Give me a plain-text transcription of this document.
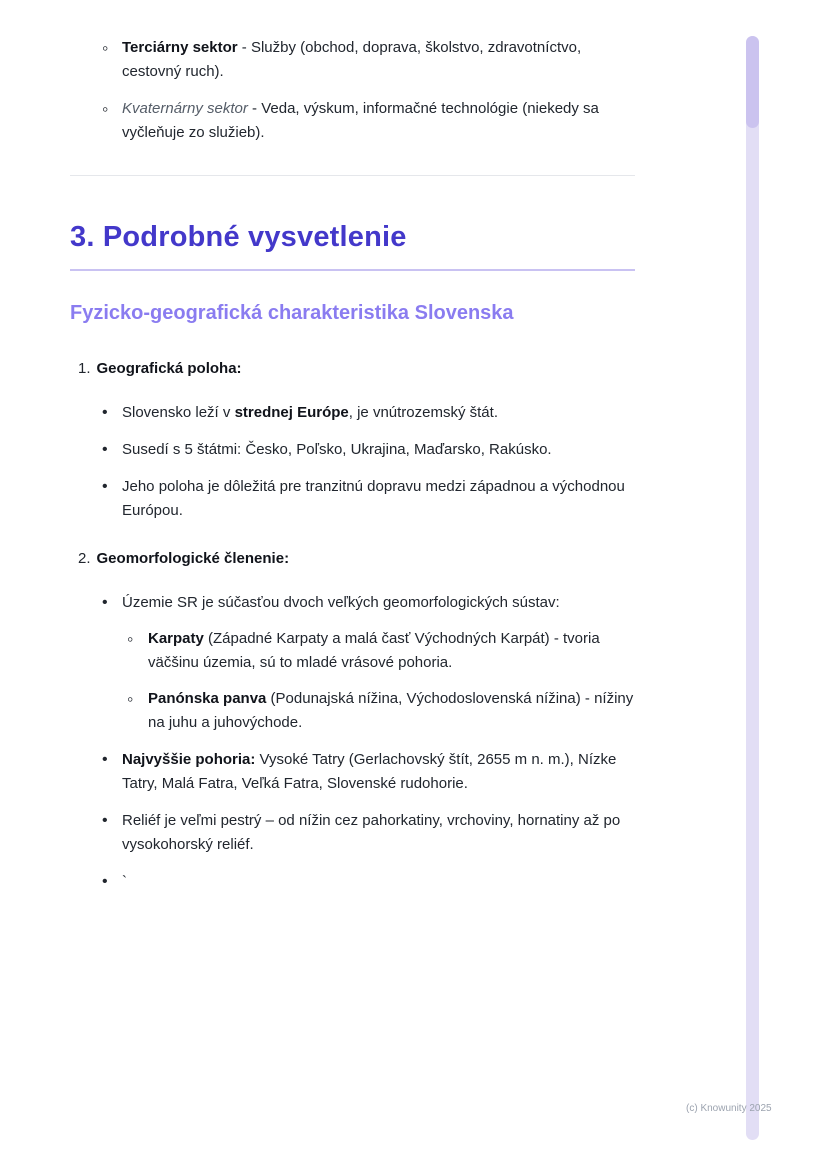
◦ Terciárny sektor - Služby (obchod, doprava, školstvo, zdravotníctvo, cestovný ruch).
◦ Kvaternárny sektor - Veda, výskum, informačné technológie (niekedy sa vyčleňuje zo služieb).
3. Podrobné vysvetlenie
Fyzicko-geografická charakteristika Slovenska
1. Geografická poloha:
• Slovensko leží v strednej Európe, je vnútrozemský štát.
• Susedí s 5 štátmi: Česko, Poľsko, Ukrajina, Maďarsko, Rakúsko.
• Jeho poloha je dôležitá pre tranzitnú dopravu medzi západnou a východnou Európou.
2. Geomorfologické členenie:
• Územie SR je súčasťou dvoch veľkých geomorfologických sústav:
◦ Karpaty (Západné Karpaty a malá časť Východných Karpát) - tvoria väčšinu územia, sú to mladé vrásové pohoria.
◦ Panónska panva (Podunajská nížina, Východoslovenská nížina) - nížiny na juhu a juhovýchode.
• Najvyššie pohoria: Vysoké Tatry (Gerlachovský štít, 2655 m n. m.), Nízke Tatry, Malá Fatra, Veľká Fatra, Slovenské rudohorie.
• Reliéf je veľmi pestrý – od nížin cez pahorkatiny, vrchoviny, hornatiny až po vysokohorský reliéf.
• `
(c) Knowunity 2025
